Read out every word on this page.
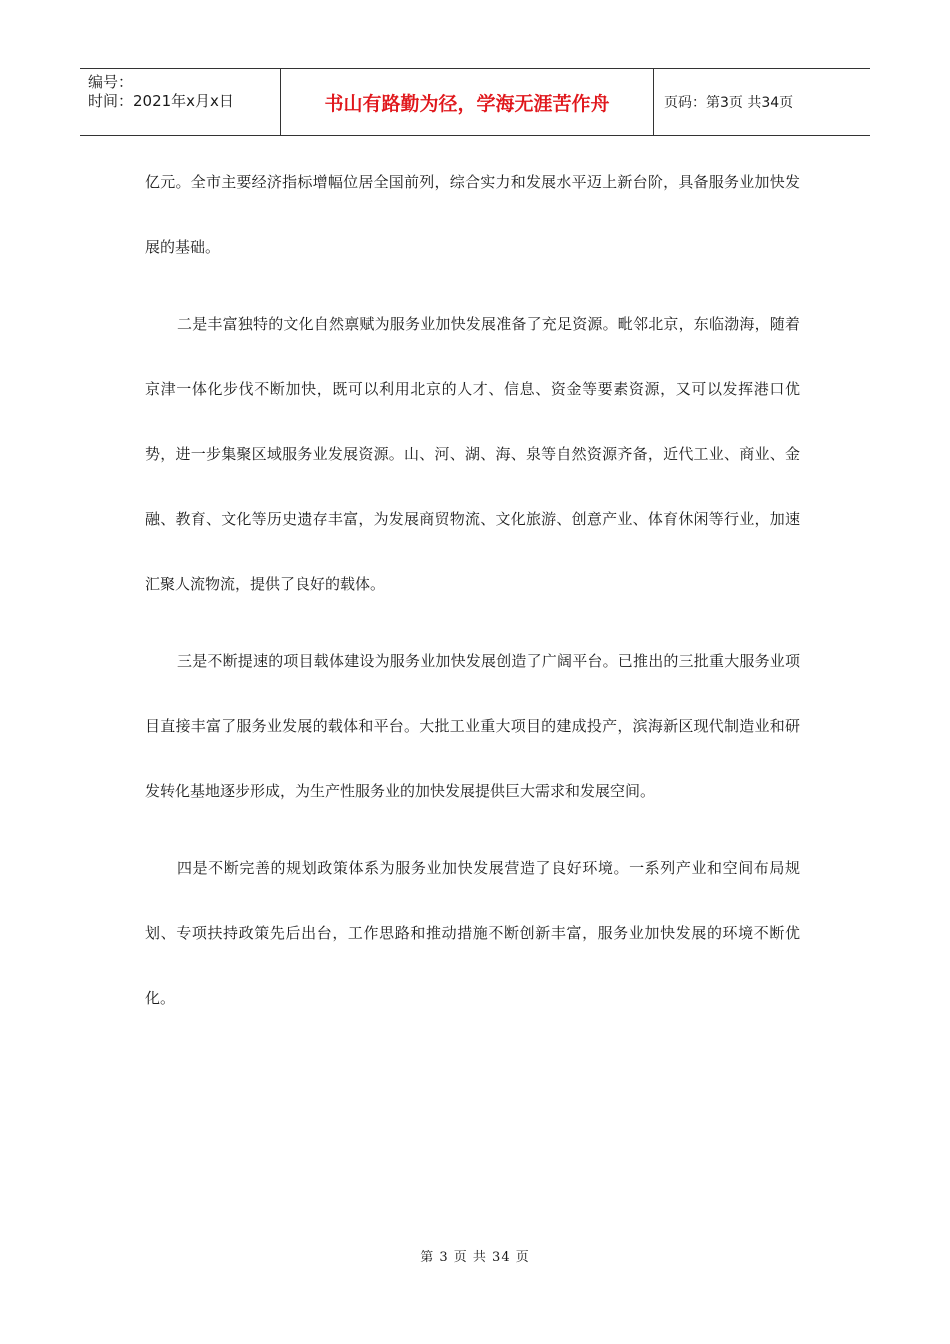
编号：
时间：2021年x月x日	书山有路勤为径，学海无涯苦作舟	页码：第3页 共34页

亿元。全市主要经济指标增幅位居全国前列，综合实力和发展水平迈上新台阶，具备服务业加快发展的基础。

二是丰富独特的文化自然禀赋为服务业加快发展准备了充足资源。毗邻北京，东临渤海，随着京津一体化步伐不断加快，既可以利用北京的人才、信息、资金等要素资源，又可以发挥港口优势，进一步集聚区域服务业发展资源。山、河、湖、海、泉等自然资源齐备，近代工业、商业、金融、教育、文化等历史遗存丰富，为发展商贸物流、文化旅游、创意产业、体育休闲等行业，加速汇聚人流物流，提供了良好的载体。

三是不断提速的项目载体建设为服务业加快发展创造了广阔平台。已推出的三批重大服务业项目直接丰富了服务业发展的载体和平台。大批工业重大项目的建成投产，滨海新区现代制造业和研发转化基地逐步形成，为生产性服务业的加快发展提供巨大需求和发展空间。

四是不断完善的规划政策体系为服务业加快发展营造了良好环境。一系列产业和空间布局规划、专项扶持政策先后出台，工作思路和推动措施不断创新丰富，服务业加快发展的环境不断优化。

第 3 页 共 34 页
